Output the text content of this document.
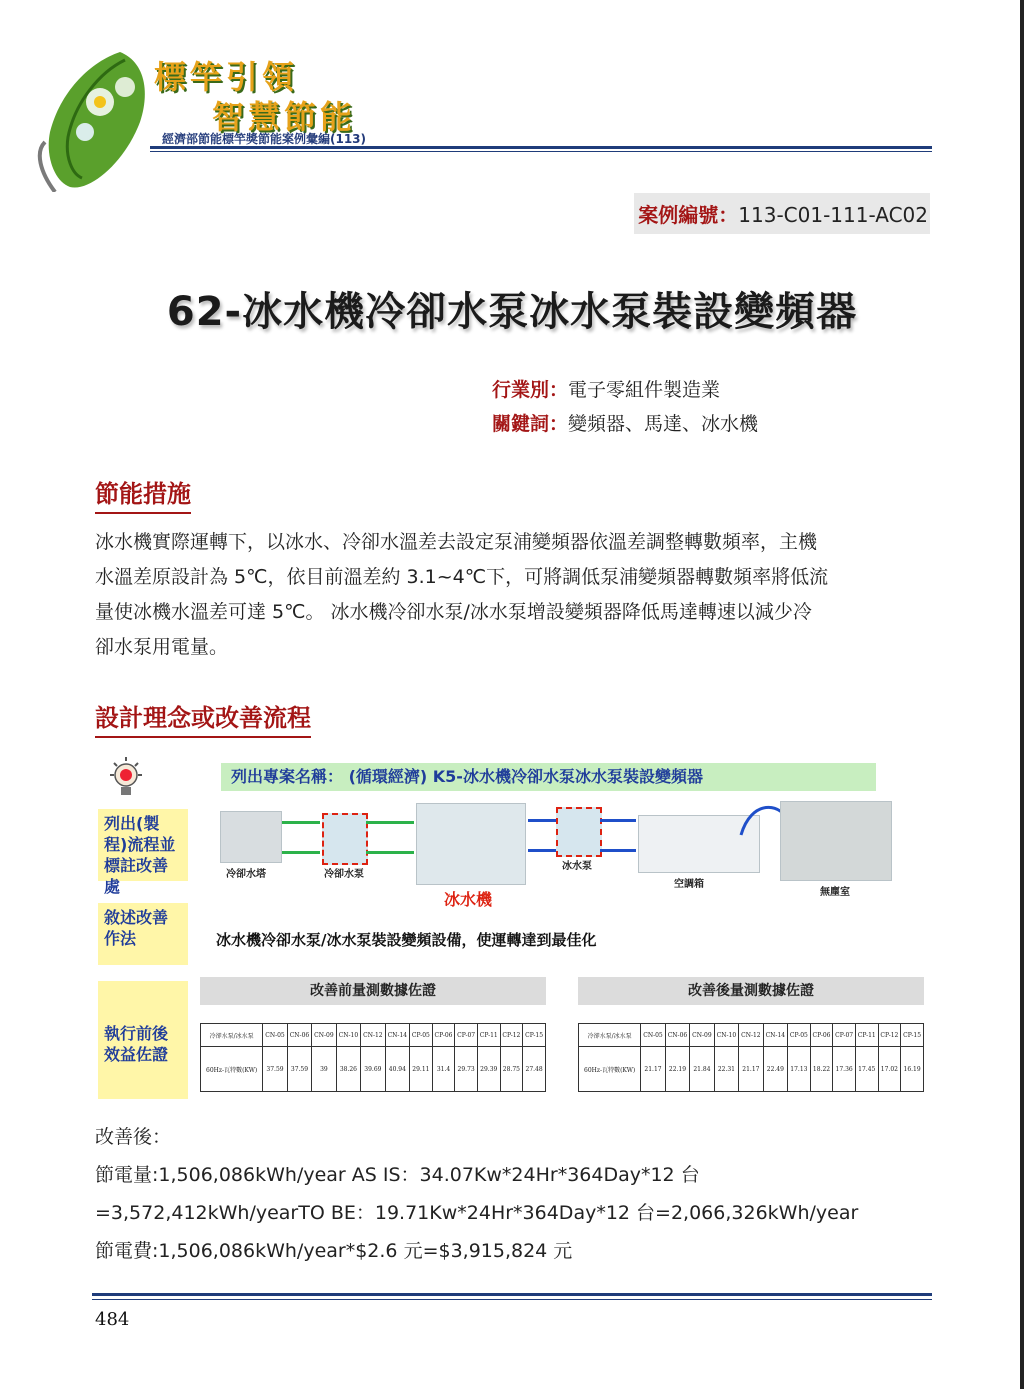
標竿引領
智慧節能
經濟部節能標竿獎節能案例彙編(113)
案例編號：113-C01-111-AC02
62-冰水機冷卻水泵冰水泵裝設變頻器
行業別：電子零組件製造業
關鍵詞：變頻器、馬達、冰水機
節能措施
冰水機實際運轉下，以冰水、冷卻水溫差去設定泵浦變頻器依溫差調整轉數頻率，主機
水溫差原設計為 5℃，依目前溫差約 3.1~4℃下，可將調低泵浦變頻器轉數頻率將低流
量使冰機水溫差可達 5℃。 冰水機冷卻水泵/冰水泵增設變頻器降低馬達轉速以減少冷
卻水泵用電量。
設計理念或改善流程
列出(製程)流程並標註改善處
敘述改善作法
執行前後效益佐證
列出專案名稱： (循環經濟) K5-冰水機冷卻水泵冰水泵裝設變頻器
冷卻水塔	冷卻水泵
冰水機
冰水泵
空調箱
無塵室
冰水機冷卻水泵/冰水泵裝設變頻設備，使運轉達到最佳化
改善前量測數據佐證
冷卻水泵/冰水泵	CN-05	CN-06	CN-09	CN-10	CN-12	CN-14	CP-05	CP-06	CP-07	CP-11	CP-12	CP-15
60Hz-瓦特數(KW)	37.59	37.59	39	38.26	39.69	40.94	29.11	31.4	29.73	29.39	28.75	27.48
改善後量測數據佐證
冷卻水泵/冰水泵	CN-05	CN-06	CN-09	CN-10	CN-12	CN-14	CP-05	CP-06	CP-07	CP-11	CP-12	CP-15
60Hz-瓦特數(KW)	21.17	22.19	21.84	22.31	21.17	22.49	17.13	18.22	17.36	17.45	17.02	16.19
改善後：
節電量:1,506,086kWh/year AS IS：34.07Kw*24Hr*364Day*12 台
=3,572,412kWh/yearTO BE：19.71Kw*24Hr*364Day*12 台=2,066,326kWh/year
節電費:1,506,086kWh/year*$2.6 元=$3,915,824 元
484
